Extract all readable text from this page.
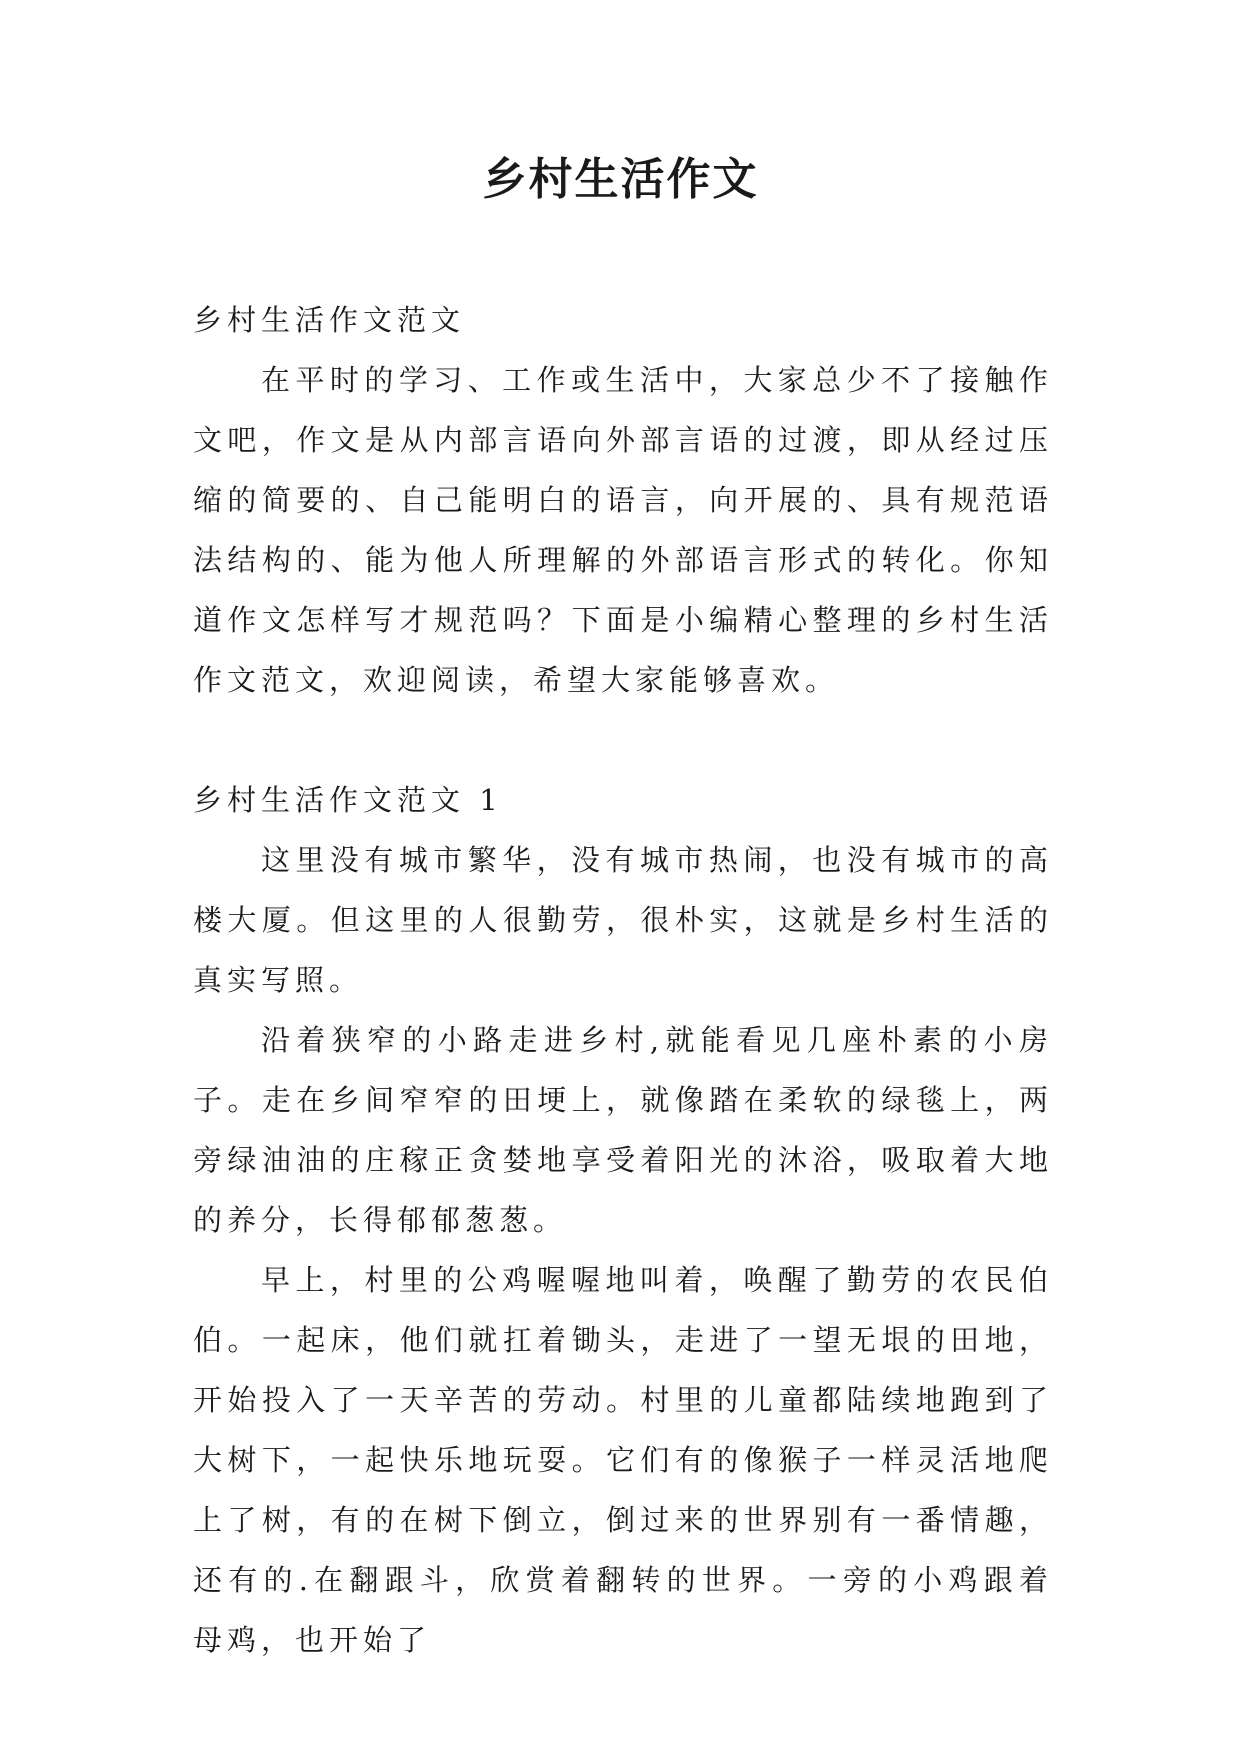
乡村生活作文

乡村生活作文范文

在平时的学习、工作或生活中，大家总少不了接触作文吧，作文是从内部言语向外部言语的过渡，即从经过压缩的简要的、自己能明白的语言，向开展的、具有规范语法结构的、能为他人所理解的外部语言形式的转化。你知道作文怎样写才规范吗？下面是小编精心整理的乡村生活作文范文，欢迎阅读，希望大家能够喜欢。

乡村生活作文范文 1

这里没有城市繁华，没有城市热闹，也没有城市的高楼大厦。但这里的人很勤劳，很朴实，这就是乡村生活的真实写照。

沿着狭窄的小路走进乡村,就能看见几座朴素的小房子。走在乡间窄窄的田埂上，就像踏在柔软的绿毯上，两旁绿油油的庄稼正贪婪地享受着阳光的沐浴，吸取着大地的养分，长得郁郁葱葱。

早上，村里的公鸡喔喔地叫着，唤醒了勤劳的农民伯伯。一起床，他们就扛着锄头，走进了一望无垠的田地，开始投入了一天辛苦的劳动。村里的儿童都陆续地跑到了大树下，一起快乐地玩耍。它们有的像猴子一样灵活地爬上了树，有的在树下倒立，倒过来的世界别有一番情趣，还有的.在翻跟斗，欣赏着翻转的世界。一旁的小鸡跟着母鸡，也开始了
